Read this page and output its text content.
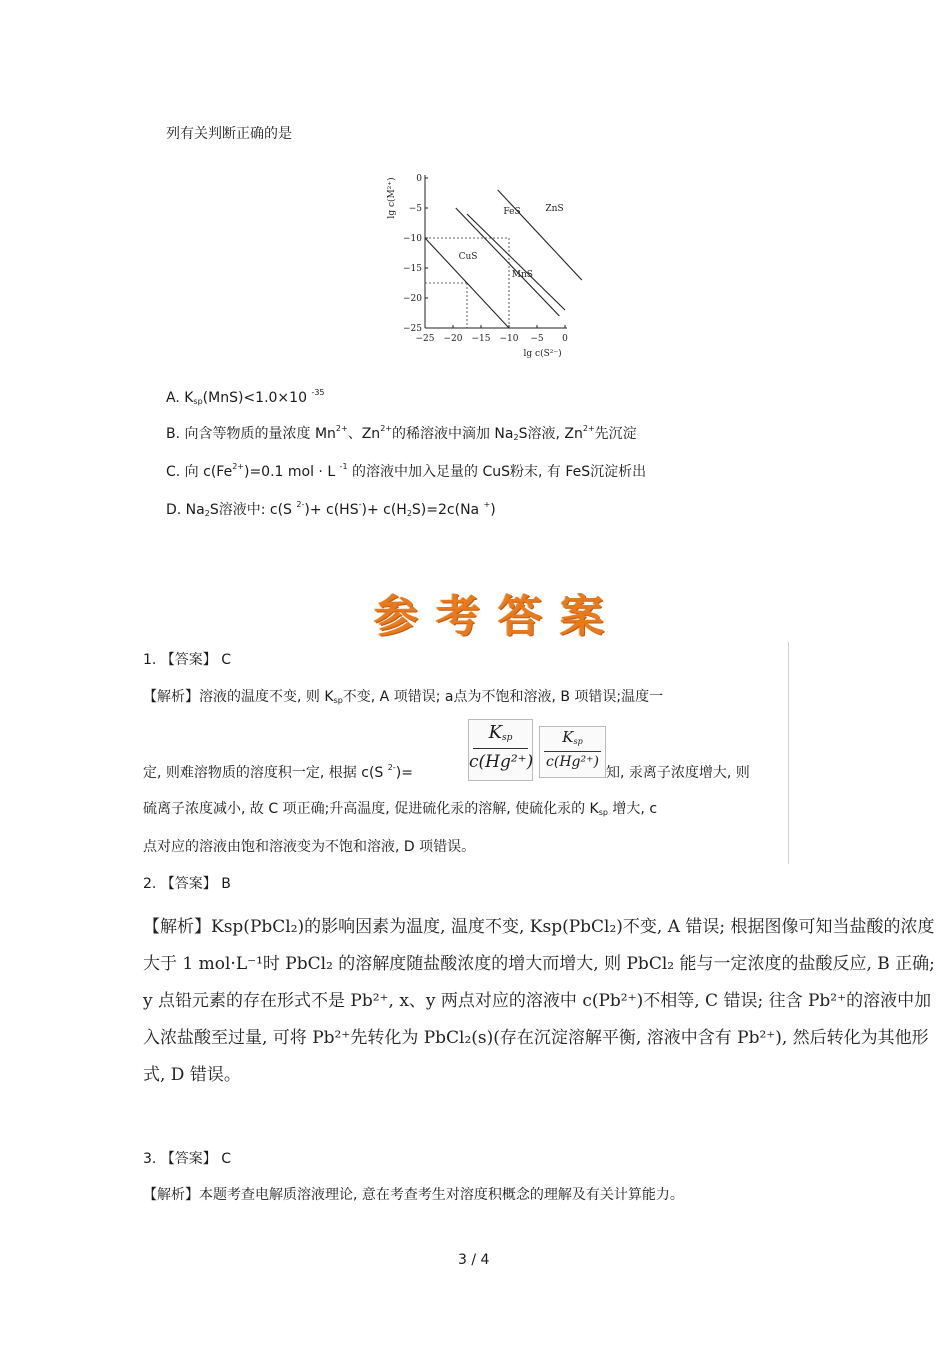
列有关判断正确的是
−25 −20 −15 −10 −5 0
0
−5
−10
−15
−20
−25
CuS
MnS
FeS	ZnS
lg c(S²⁻)
lg c(M²⁺)
A. $K_{sp}(MnS)<1.0\times 10$ $^{-35}$
B. 向含等物质的量浓度 $Mn^{2+}$、$Zn^{2+}$的稀溶液中滴加 $Na_2S$溶液, $Zn^{2+}$先沉淀
C. 向 $c(Fe^{2+})=0.1$ mol · L $^{-1}$ 的溶液中加入足量的 CuS粉末, 有 FeS沉淀析出
D. $Na_2S$溶液中: c(S $^{2-})+ c(HS^-)+ c(H_2S)=2c(Na$ +)
参考答案
1. 【答案】 C
【解析】溶液的温度不变, 则 $K_{sp}$不变, A 项错误; a点为不饱和溶液, B 项错误;温度一
$K_{sp}$
c(Hg²⁺)
$K_{sp}$
c(Hg²⁺)
定, 则难溶物质的溶度积一定, 根据 c(S $^{2-}$)=	知, 汞离子浓度增大, 则
硫离子浓度减小, 故 C 项正确;升高温度, 促进硫化汞的溶解, 使硫化汞的 $K_{sp}$ 增大, c
点对应的溶液由饱和溶液变为不饱和溶液, D 项错误。
2. 【答案】 B
【解析】Ksp(PbCl₂)的影响因素为温度, 温度不变, Ksp(PbCl₂)不变, A 错误; 根据图像可知当盐酸的浓度
大于 1 mol·L⁻¹时 PbCl₂ 的溶解度随盐酸浓度的增大而增大, 则 PbCl₂ 能与一定浓度的盐酸反应, B 正确;
y 点铅元素的存在形式不是 Pb²⁺, x、y 两点对应的溶液中 c(Pb²⁺)不相等, C 错误; 往含 Pb²⁺的溶液中加
入浓盐酸至过量, 可将 Pb²⁺先转化为 PbCl₂(s)(存在沉淀溶解平衡, 溶液中含有 Pb²⁺), 然后转化为其他形
式, D 错误。
3. 【答案】 C
【解析】本题考查电解质溶液理论, 意在考查考生对溶度积概念的理解及有关计算能力。
3 / 4
